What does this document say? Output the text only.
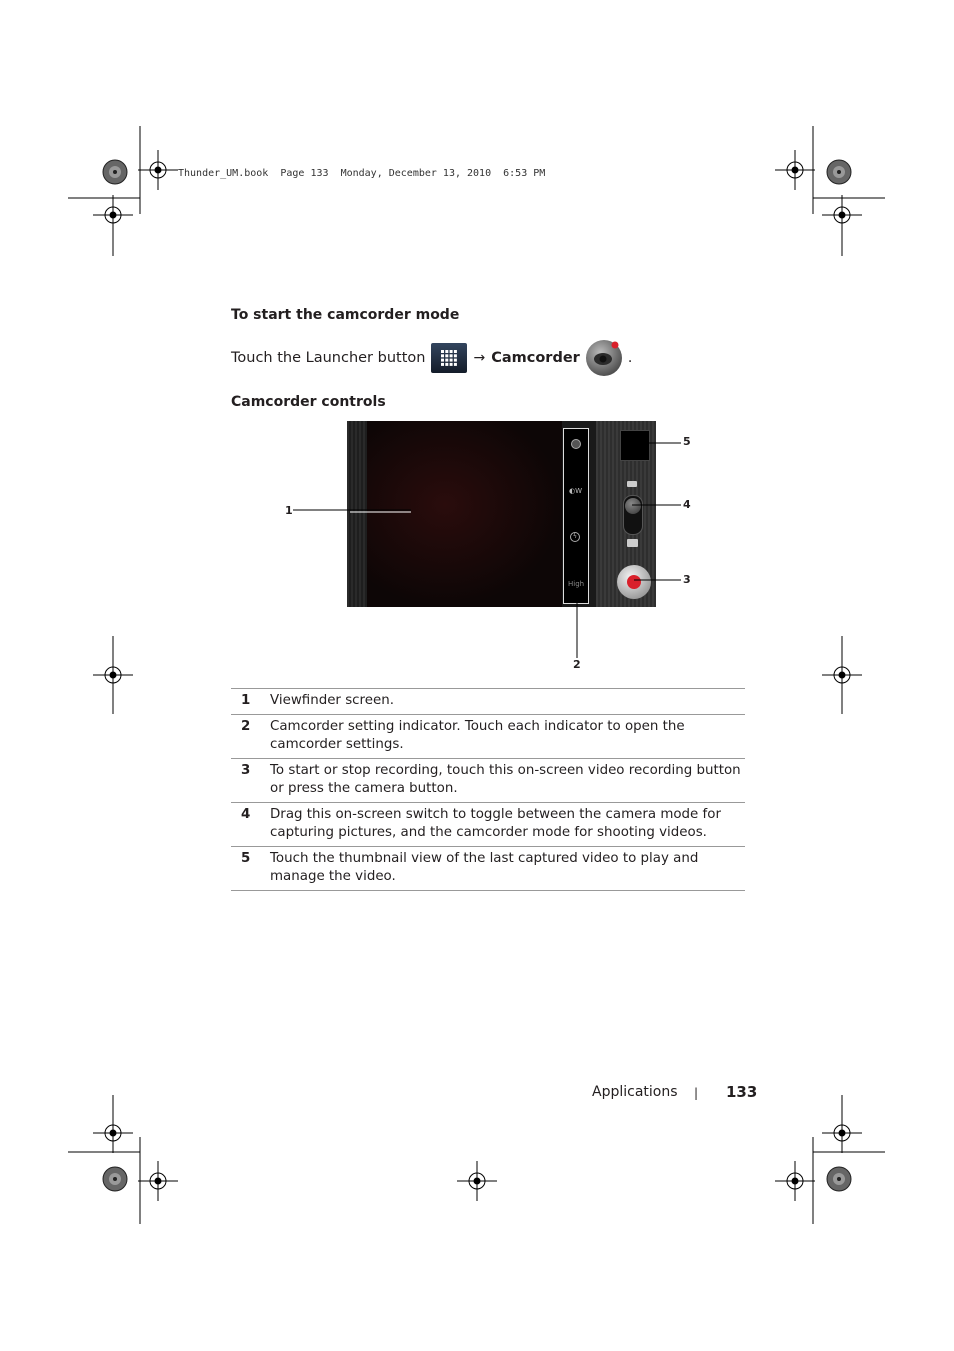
Thunder_UM.book Page 133 Monday, December 13, 2010 6:53 PM
To start the camcorder mode
Touch the Launcher button	→ Camcorder	.
Camcorder controls
◐W
ϟ
High
1
2
3
4
5
1	Viewfinder screen.
2	Camcorder setting indicator. Touch each indicator to open the camcorder settings.
3	To start or stop recording, touch this on-screen video recording button or press the camera button.
4	Drag this on-screen switch to toggle between the camera mode for capturing pictures, and the camcorder mode for shooting videos.
5	Touch the thumbnail view of the last captured video to play and manage the video.
Applications | 133
